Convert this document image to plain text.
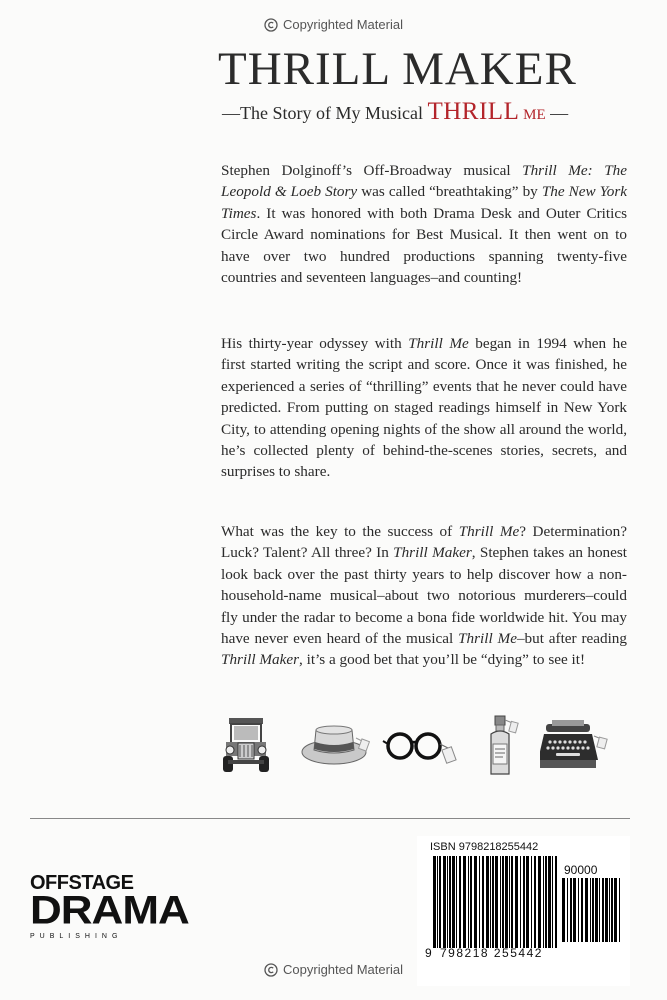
Copyrighted Material
THRILL MAKER
—The Story of My Musical THRILL ME —

Stephen Dolginoff’s Off-Broadway musical Thrill Me: The Leopold & Loeb Story was called “breathtaking” by The New York Times. It was honored with both Drama Desk and Outer Critics Circle Award nominations for Best Musical. It then went on to have over two hundred productions spanning twenty-five countries and seventeen languages–and counting!

His thirty-year odyssey with Thrill Me began in 1994 when he first started writing the script and score. Once it was finished, he experienced a series of “thrilling” events that he never could have predicted. From putting on staged readings himself in New York City, to attending opening nights of the show all around the world, he’s collected plenty of behind-the-scenes stories, secrets, and surprises to share.

What was the key to the success of Thrill Me? Determination? Luck? Talent? All three? In Thrill Maker, Stephen takes an honest look back over the past thirty years to help discover how a non-household-name musical–about two notorious murderers–could fly under the radar to become a bona fide worldwide hit. You may have never even heard of the musical Thrill Me–but after reading Thrill Maker, it’s a good bet that you’ll be “dying” to see it!

OFFSTAGE
DRAMA
PUBLISHING
ISBN 9798218255442
90000
9 798218 255442
Copyrighted Material
